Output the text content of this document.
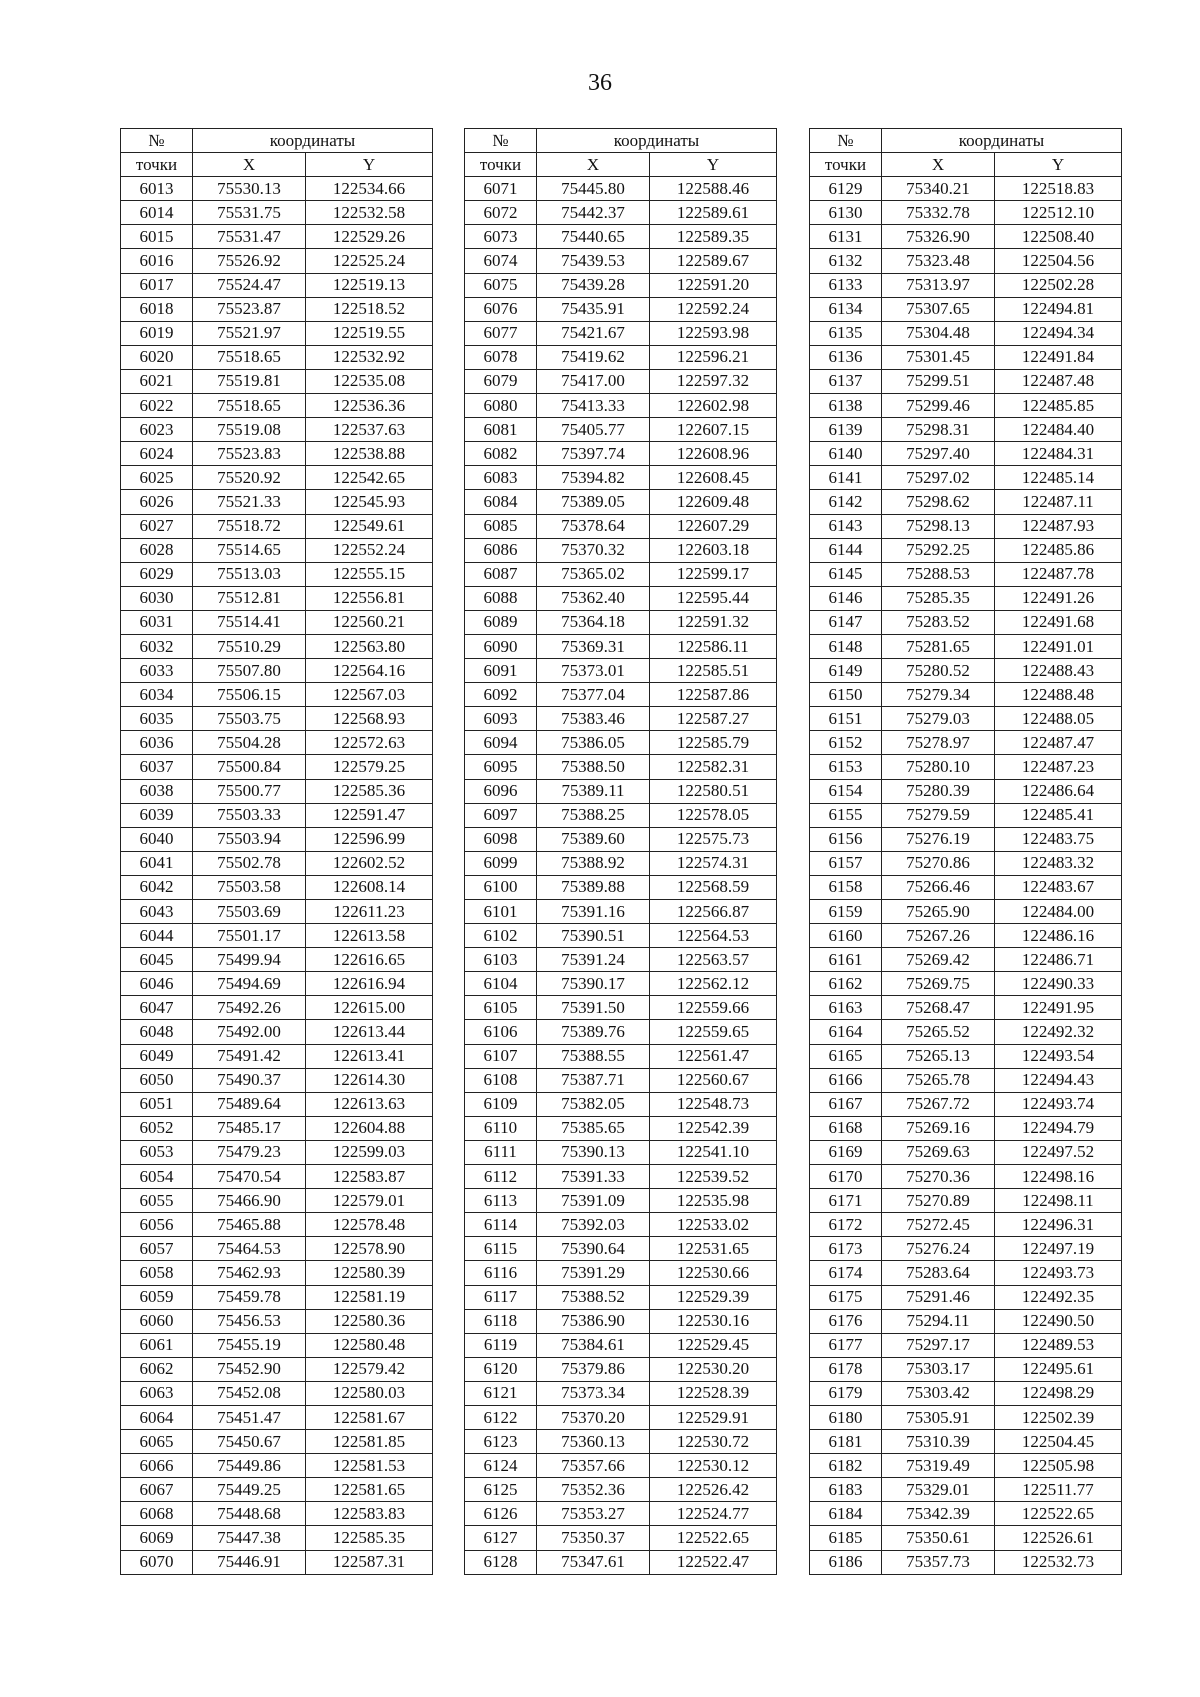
36
№	координаты	
точки	X	Y
6013	75530.13	122534.66
6014	75531.75	122532.58
6015	75531.47	122529.26
6016	75526.92	122525.24
6017	75524.47	122519.13
6018	75523.87	122518.52
6019	75521.97	122519.55
6020	75518.65	122532.92
6021	75519.81	122535.08
6022	75518.65	122536.36
6023	75519.08	122537.63
6024	75523.83	122538.88
6025	75520.92	122542.65
6026	75521.33	122545.93
6027	75518.72	122549.61
6028	75514.65	122552.24
6029	75513.03	122555.15
6030	75512.81	122556.81
6031	75514.41	122560.21
6032	75510.29	122563.80
6033	75507.80	122564.16
6034	75506.15	122567.03
6035	75503.75	122568.93
6036	75504.28	122572.63
6037	75500.84	122579.25
6038	75500.77	122585.36
6039	75503.33	122591.47
6040	75503.94	122596.99
6041	75502.78	122602.52
6042	75503.58	122608.14
6043	75503.69	122611.23
6044	75501.17	122613.58
6045	75499.94	122616.65
6046	75494.69	122616.94
6047	75492.26	122615.00
6048	75492.00	122613.44
6049	75491.42	122613.41
6050	75490.37	122614.30
6051	75489.64	122613.63
6052	75485.17	122604.88
6053	75479.23	122599.03
6054	75470.54	122583.87
6055	75466.90	122579.01
6056	75465.88	122578.48
6057	75464.53	122578.90
6058	75462.93	122580.39
6059	75459.78	122581.19
6060	75456.53	122580.36
6061	75455.19	122580.48
6062	75452.90	122579.42
6063	75452.08	122580.03
6064	75451.47	122581.67
6065	75450.67	122581.85
6066	75449.86	122581.53
6067	75449.25	122581.65
6068	75448.68	122583.83
6069	75447.38	122585.35
6070	75446.91	122587.31
№	координаты	
точки	X	Y
6071	75445.80	122588.46
6072	75442.37	122589.61
6073	75440.65	122589.35
6074	75439.53	122589.67
6075	75439.28	122591.20
6076	75435.91	122592.24
6077	75421.67	122593.98
6078	75419.62	122596.21
6079	75417.00	122597.32
6080	75413.33	122602.98
6081	75405.77	122607.15
6082	75397.74	122608.96
6083	75394.82	122608.45
6084	75389.05	122609.48
6085	75378.64	122607.29
6086	75370.32	122603.18
6087	75365.02	122599.17
6088	75362.40	122595.44
6089	75364.18	122591.32
6090	75369.31	122586.11
6091	75373.01	122585.51
6092	75377.04	122587.86
6093	75383.46	122587.27
6094	75386.05	122585.79
6095	75388.50	122582.31
6096	75389.11	122580.51
6097	75388.25	122578.05
6098	75389.60	122575.73
6099	75388.92	122574.31
6100	75389.88	122568.59
6101	75391.16	122566.87
6102	75390.51	122564.53
6103	75391.24	122563.57
6104	75390.17	122562.12
6105	75391.50	122559.66
6106	75389.76	122559.65
6107	75388.55	122561.47
6108	75387.71	122560.67
6109	75382.05	122548.73
6110	75385.65	122542.39
6111	75390.13	122541.10
6112	75391.33	122539.52
6113	75391.09	122535.98
6114	75392.03	122533.02
6115	75390.64	122531.65
6116	75391.29	122530.66
6117	75388.52	122529.39
6118	75386.90	122530.16
6119	75384.61	122529.45
6120	75379.86	122530.20
6121	75373.34	122528.39
6122	75370.20	122529.91
6123	75360.13	122530.72
6124	75357.66	122530.12
6125	75352.36	122526.42
6126	75353.27	122524.77
6127	75350.37	122522.65
6128	75347.61	122522.47
№	координаты	
точки	X	Y
6129	75340.21	122518.83
6130	75332.78	122512.10
6131	75326.90	122508.40
6132	75323.48	122504.56
6133	75313.97	122502.28
6134	75307.65	122494.81
6135	75304.48	122494.34
6136	75301.45	122491.84
6137	75299.51	122487.48
6138	75299.46	122485.85
6139	75298.31	122484.40
6140	75297.40	122484.31
6141	75297.02	122485.14
6142	75298.62	122487.11
6143	75298.13	122487.93
6144	75292.25	122485.86
6145	75288.53	122487.78
6146	75285.35	122491.26
6147	75283.52	122491.68
6148	75281.65	122491.01
6149	75280.52	122488.43
6150	75279.34	122488.48
6151	75279.03	122488.05
6152	75278.97	122487.47
6153	75280.10	122487.23
6154	75280.39	122486.64
6155	75279.59	122485.41
6156	75276.19	122483.75
6157	75270.86	122483.32
6158	75266.46	122483.67
6159	75265.90	122484.00
6160	75267.26	122486.16
6161	75269.42	122486.71
6162	75269.75	122490.33
6163	75268.47	122491.95
6164	75265.52	122492.32
6165	75265.13	122493.54
6166	75265.78	122494.43
6167	75267.72	122493.74
6168	75269.16	122494.79
6169	75269.63	122497.52
6170	75270.36	122498.16
6171	75270.89	122498.11
6172	75272.45	122496.31
6173	75276.24	122497.19
6174	75283.64	122493.73
6175	75291.46	122492.35
6176	75294.11	122490.50
6177	75297.17	122489.53
6178	75303.17	122495.61
6179	75303.42	122498.29
6180	75305.91	122502.39
6181	75310.39	122504.45
6182	75319.49	122505.98
6183	75329.01	122511.77
6184	75342.39	122522.65
6185	75350.61	122526.61
6186	75357.73	122532.73
